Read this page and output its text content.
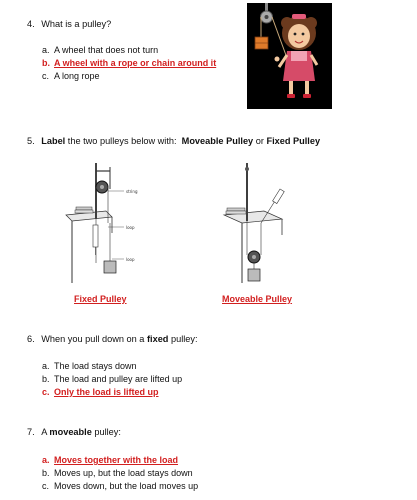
4. What is a pulley?
a. A wheel that does not turn
b. A wheel with a rope or chain around it
c. A long rope
5. Label the two pulleys below with:  Moveable Pulley or Fixed Pulley
string
loop
loop
Fixed Pulley	Moveable Pulley
6. When you pull down on a fixed pulley:
a. The load stays down
b. The load and pulley are lifted up
c. Only the load is lifted up
7. A moveable pulley:
a. Moves together with the load
b. Moves up, but the load stays down
c. Moves down, but the load moves up
